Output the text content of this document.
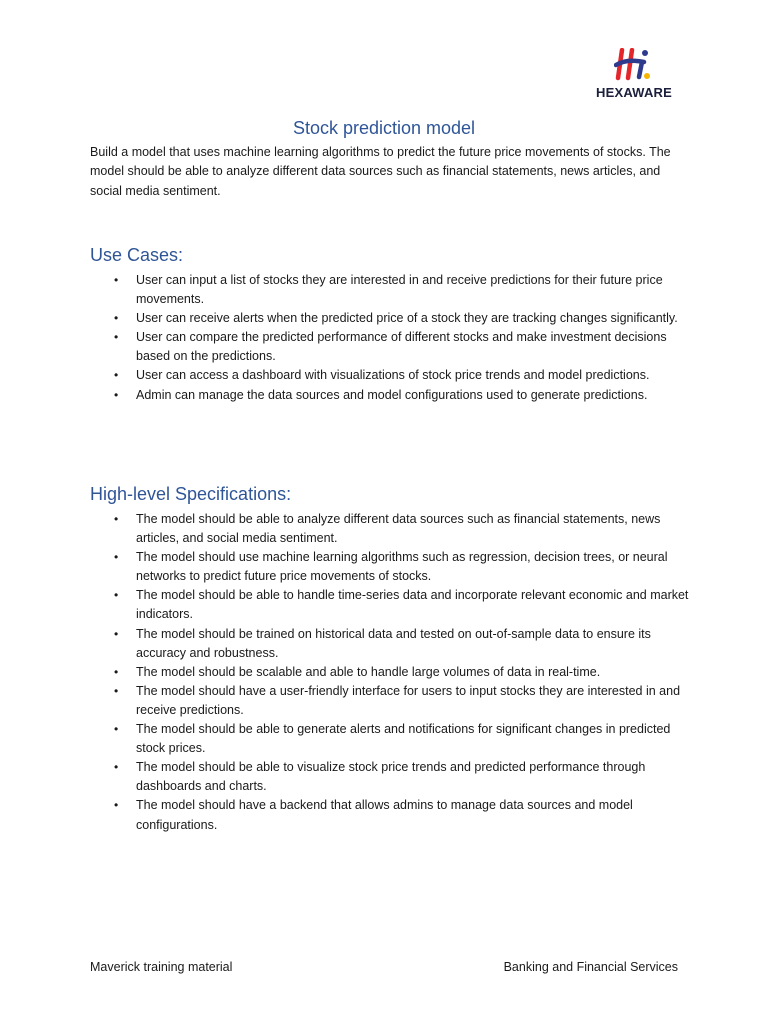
HEXAWARE
Stock prediction model

Build a model that uses machine learning algorithms to predict the future price movements of stocks. The model should be able to analyze different data sources such as financial statements, news articles, and social media sentiment.

Use Cases:
• User can input a list of stocks they are interested in and receive predictions for their future price movements.
• User can receive alerts when the predicted price of a stock they are tracking changes significantly.
• User can compare the predicted performance of different stocks and make investment decisions based on the predictions.
• User can access a dashboard with visualizations of stock price trends and model predictions.
• Admin can manage the data sources and model configurations used to generate predictions.
High-level Specifications:
• The model should be able to analyze different data sources such as financial statements, news articles, and social media sentiment.
• The model should use machine learning algorithms such as regression, decision trees, or neural networks to predict future price movements of stocks.
• The model should be able to handle time-series data and incorporate relevant economic and market indicators.
• The model should be trained on historical data and tested on out-of-sample data to ensure its accuracy and robustness.
• The model should be scalable and able to handle large volumes of data in real-time.
• The model should have a user-friendly interface for users to input stocks they are interested in and receive predictions.
• The model should be able to generate alerts and notifications for significant changes in predicted stock prices.
• The model should be able to visualize stock price trends and predicted performance through dashboards and charts.
• The model should have a backend that allows admins to manage data sources and model configurations.
Maverick training material	Banking and Financial Services
